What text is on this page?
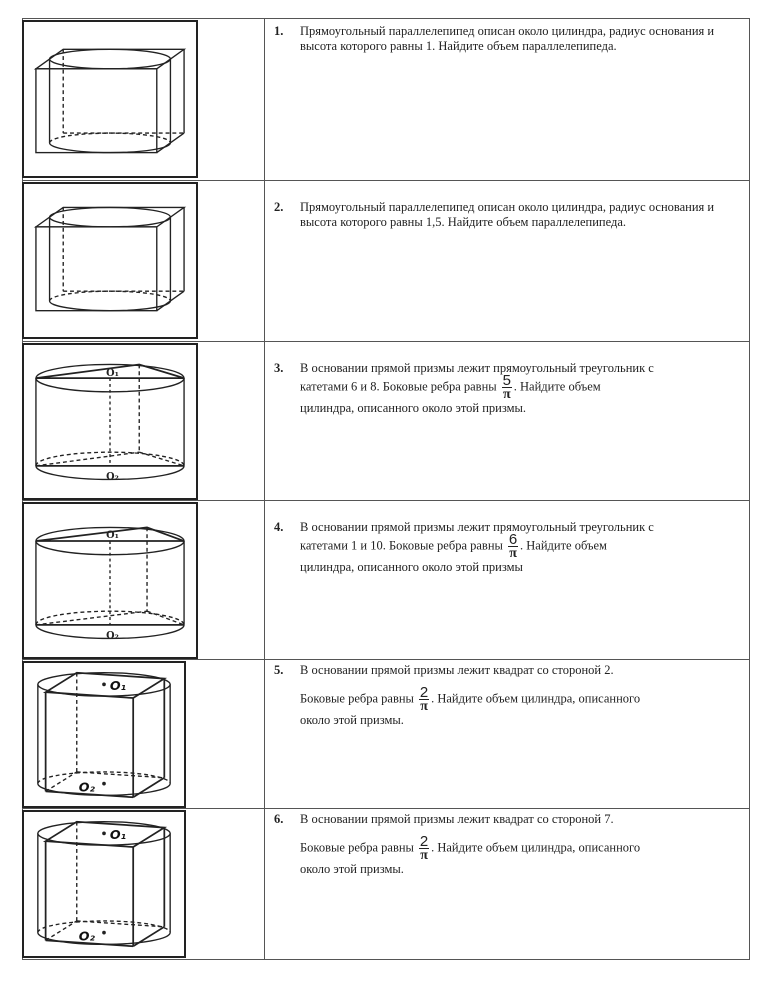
1. Прямоугольный параллелепипед описан около цилиндра, радиус основания и высота которого равны 1. Найдите объем параллелепипеда.
2. Прямоугольный параллелепипед описан около цилиндра, радиус основания и высота которого равны 1,5. Найдите объем параллелепипеда.
O₁
O₂
3. В основании прямой призмы лежит прямоугольный треугольник с
катетами 6 и 8. Боковые ребра равны $\frac{5}{\pi}$ . Найдите объем
цилиндра, описанного около этой призмы.
O₁
O₂
4. В основании прямой призмы лежит прямоугольный треугольник с
катетами 1 и 10. Боковые ребра равны $\frac{6}{\pi}$ . Найдите объем
цилиндра, описанного около этой призмы
O₁
O₂
5. В основании прямой призмы лежит квадрат со стороной 2.
Боковые ребра равны $\frac{2}{\pi}$ . Найдите объем цилиндра, описанного
около этой призмы.
O₁
O₂
6. В основании прямой призмы лежит квадрат со стороной 7.
Боковые ребра равны $\frac{2}{\pi}$ . Найдите объем цилиндра, описанного
около этой призмы.
